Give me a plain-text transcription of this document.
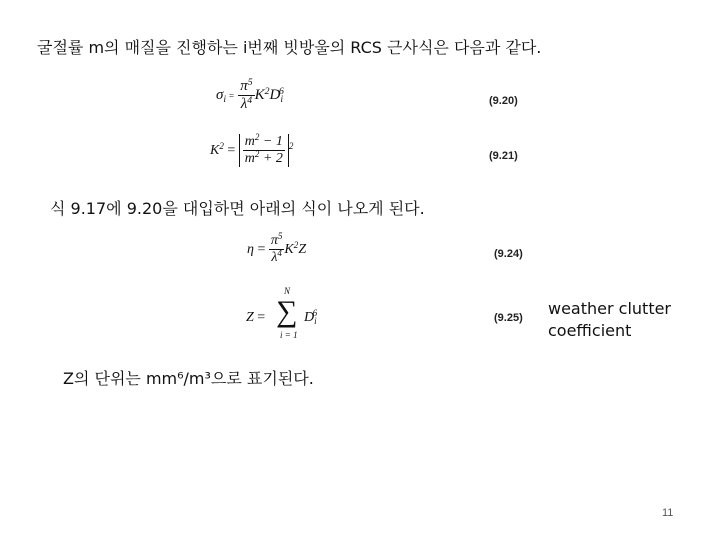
굴절률 m의 매질을 진행하는 i번째 빗방울의 RCS 근사식은 다음과 같다.
$\sigma i = \frac{\pi^5}{\lambda^4} K^2Di^6$
(9.20)
$K^2 = \frac{m^2 - 1}{m^2 + 2} ^2$
(9.21)
식 9.17에 9.20을 대입하면 아래의 식이 나오게 된다.
$\eta = \frac{\pi^5}{\lambda^4} K^2Z$	(9.24)
Z =
N
∑
i = 1
Di$^6$	(9.25) weather clutter
coefficient
Z의 단위는 mm⁶/m³으로 표기된다.
11
